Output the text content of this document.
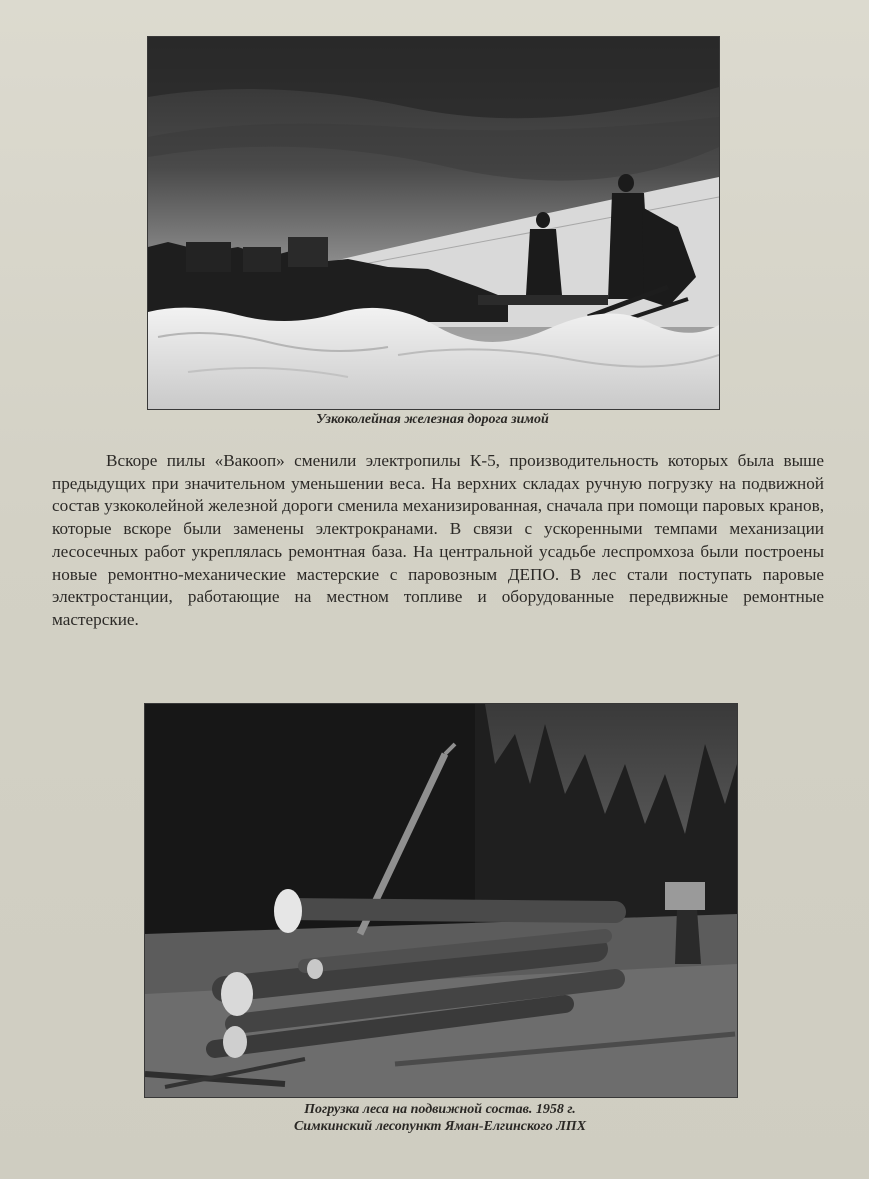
Узкоколейная железная дорога зимой

Вскоре пилы «Вакооп» сменили электропилы К-5, производительность которых была выше предыдущих при значительном уменьшении веса. На верхних складах ручную погрузку на подвижной состав узкоколейной железной дороги сменила механизированная, сначала при помощи паровых кранов, которые вскоре были заменены электрокранами. В связи с ускоренными темпами механизации лесосечных работ укреплялась ремонтная база. На центральной усадьбе леспромхоза были построены новые ремонтно-механические мастерские с паровозным ДЕПО. В лес стали поступать паровые электростанции, работающие на местном топливе и оборудованные передвижные ремонтные мастерские.

Погрузка леса на подвижной состав. 1958 г.
Симкинский лесопункт Яман-Елгинского ЛПХ
